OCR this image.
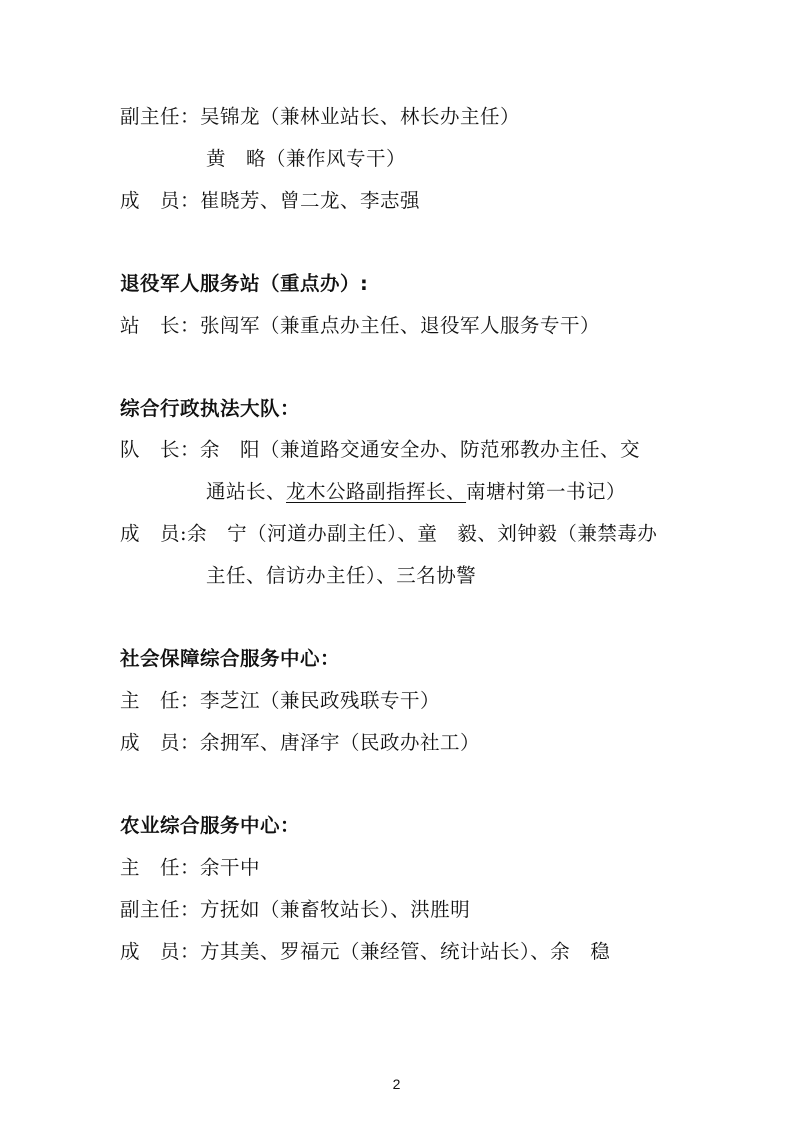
副主任：吴锦龙（兼林业站长、林长办主任）
黄　略（兼作风专干）
成　员：崔晓芳、曾二龙、李志强
退役军人服务站（重点办）:
站　长：张闯军（兼重点办主任、退役军人服务专干）
综合行政执法大队：
队　长：余　阳（兼道路交通安全办、防范邪教办主任、交
通站长、龙木公路副指挥长、南塘村第一书记）
成　员:余　宁（河道办副主任）、童　毅、刘钟毅（兼禁毒办
主任、信访办主任）、三名协警
社会保障综合服务中心：
主　任：李芝江（兼民政残联专干）
成　员：余拥军、唐泽宇（民政办社工）
农业综合服务中心：
主　任：余干中
副主任：方抚如（兼畜牧站长）、洪胜明
成　员：方其美、罗福元（兼经管、统计站长）、余　稳
2
